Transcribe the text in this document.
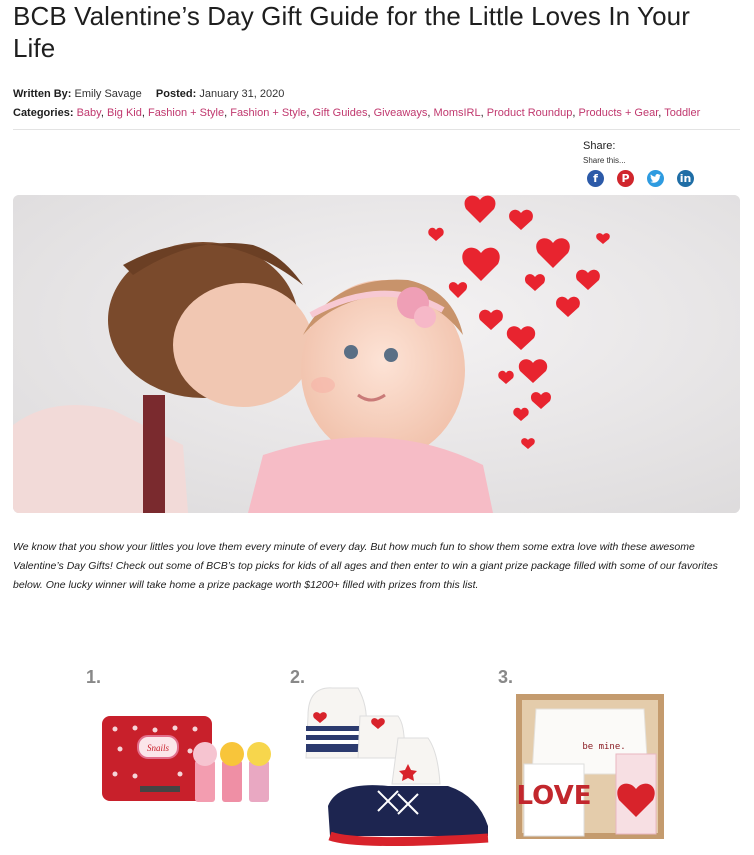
BCB Valentine’s Day Gift Guide for the Little Loves In Your Life
Written By: Emily Savage Posted: January 31, 2020
Categories: Baby, Big Kid, Fashion + Style, Fashion + Style, Gift Guides, Giveaways, MomsIRL, Product Roundup, Products + Gear, Toddler
Share:
Share this...
f	P	in

We know that you show your littles you love them every minute of every day. But how much fun to show them some extra love with these awesome Valentine’s Day Gifts! Check out some of BCB’s top picks for kids of all ages and then enter to win a giant prize package filled with some of our favorites below. One lucky winner will take home a prize package worth $1200+ filled with prizes from this list.

1.
Snails
2.	3.
be mine.
LOVE
